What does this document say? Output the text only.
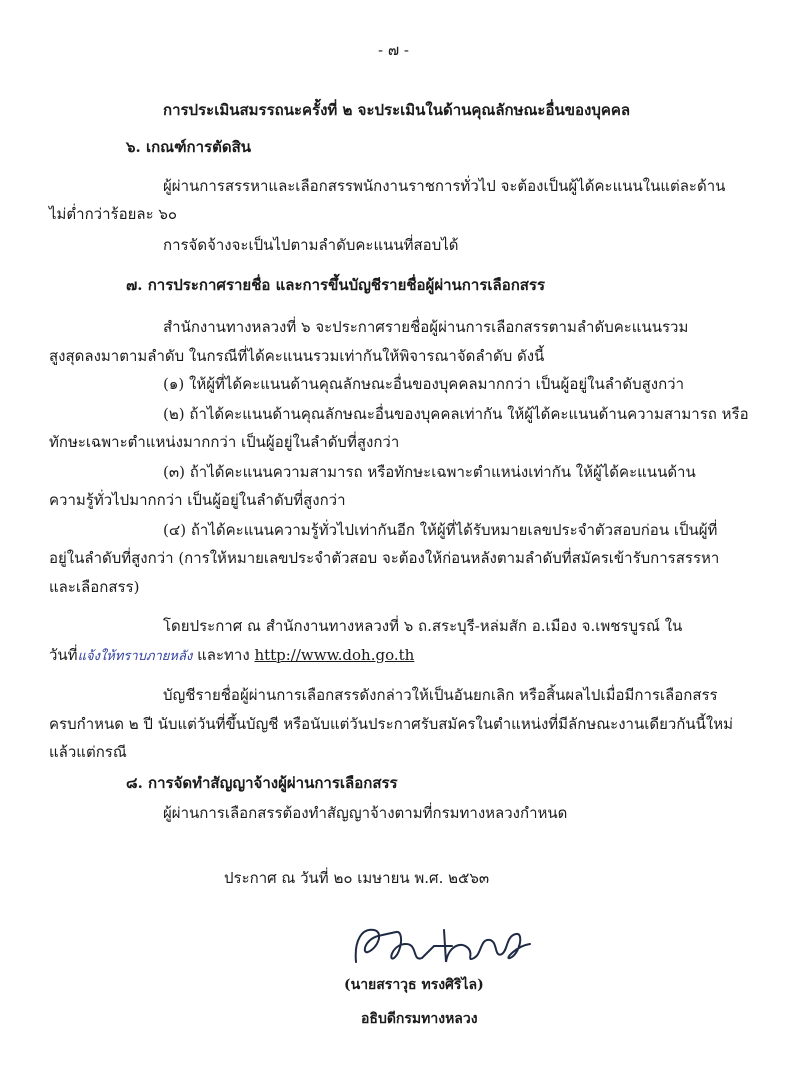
- ๗ -
การประเมินสมรรถนะครั้งที่ ๒ จะประเมินในด้านคุณลักษณะอื่นของบุคคล
๖. เกณฑ์การตัดสิน
ผู้ผ่านการสรรหาและเลือกสรรพนักงานราชการทั่วไป จะต้องเป็นผู้ได้คะแนนในแต่ละด้าน
ไม่ต่ำกว่าร้อยละ ๖๐
การจัดจ้างจะเป็นไปตามลำดับคะแนนที่สอบได้
๗. การประกาศรายชื่อ และการขึ้นบัญชีรายชื่อผู้ผ่านการเลือกสรร
สำนักงานทางหลวงที่ ๖ จะประกาศรายชื่อผู้ผ่านการเลือกสรรตามลำดับคะแนนรวม
สูงสุดลงมาตามลำดับ ในกรณีที่ได้คะแนนรวมเท่ากันให้พิจารณาจัดลำดับ ดังนี้
(๑) ให้ผู้ที่ได้คะแนนด้านคุณลักษณะอื่นของบุคคลมากกว่า เป็นผู้อยู่ในลำดับสูงกว่า
(๒) ถ้าได้คะแนนด้านคุณลักษณะอื่นของบุคคลเท่ากัน ให้ผู้ได้คะแนนด้านความสามารถ หรือ
ทักษะเฉพาะตำแหน่งมากกว่า เป็นผู้อยู่ในลำดับที่สูงกว่า
(๓) ถ้าได้คะแนนความสามารถ หรือทักษะเฉพาะตำแหน่งเท่ากัน ให้ผู้ได้คะแนนด้าน
ความรู้ทั่วไปมากกว่า เป็นผู้อยู่ในลำดับที่สูงกว่า
(๔) ถ้าได้คะแนนความรู้ทั่วไปเท่ากันอีก ให้ผู้ที่ได้รับหมายเลขประจำตัวสอบก่อน เป็นผู้ที่
อยู่ในลำดับที่สูงกว่า (การให้หมายเลขประจำตัวสอบ จะต้องให้ก่อนหลังตามลำดับที่สมัครเข้ารับการสรรหา
และเลือกสรร)
โดยประกาศ ณ สำนักงานทางหลวงที่ ๖ ถ.สระบุรี-หล่มสัก อ.เมือง จ.เพชรบูรณ์ ใน
วันที่แจ้งให้ทราบภายหลัง และทาง http://www.doh.go.th
บัญชีรายชื่อผู้ผ่านการเลือกสรรดังกล่าวให้เป็นอันยกเลิก หรือสิ้นผลไปเมื่อมีการเลือกสรร
ครบกำหนด ๒ ปี นับแต่วันที่ขึ้นบัญชี หรือนับแต่วันประกาศรับสมัครในตำแหน่งที่มีลักษณะงานเดียวกันนี้ใหม่
แล้วแต่กรณี
๘. การจัดทำสัญญาจ้างผู้ผ่านการเลือกสรร
ผู้ผ่านการเลือกสรรต้องทำสัญญาจ้างตามที่กรมทางหลวงกำหนด
ประกาศ ณ วันที่ ๒๐ เมษายน พ.ศ. ๒๕๖๓
(นายสราวุธ ทรงศิริไล)
อธิบดีกรมทางหลวง
